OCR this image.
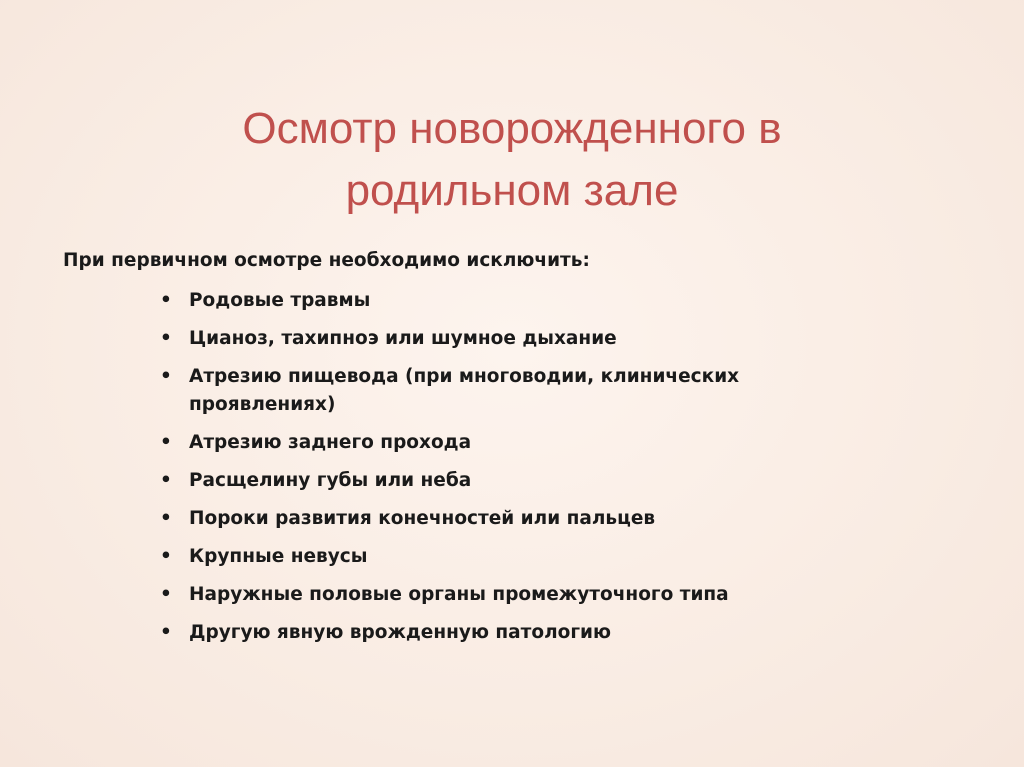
Осмотр новорожденного в
родильном зале

При первичном осмотре необходимо исключить:

• Родовые травмы
• Цианоз, тахипноэ или шумное дыхание
• Атрезию пищевода (при многоводии, клинических проявлениях)
• Атрезию заднего прохода
• Расщелину губы или неба
• Пороки развития конечностей или пальцев
• Крупные невусы
• Наружные половые органы промежуточного типа
• Другую явную врожденную патологию
